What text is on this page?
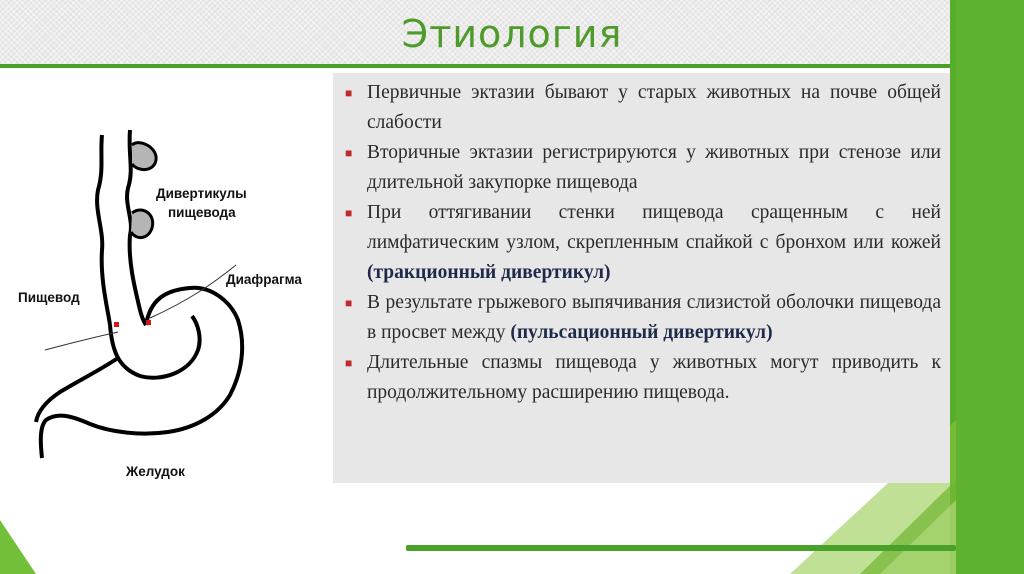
Этиология
■ Первичные эктазии бывают у старых животных на почве общей слабости
■ Вторичные эктазии регистрируются у животных при стенозе или длительной закупорке пищевода
■ При оттягивании стенки пищевода сращенным с ней лимфатическим узлом, скрепленным спайкой с бронхом или кожей (тракционный дивертикул)
■ В результате грыжевого выпячивания слизистой оболочки пищевода в просвет между (пульсационный дивертикул)
■ Длительные спазмы пищевода у животных могут приводить к продолжительному расширению пищевода.
Дивертикулы
пищевода
Пищевод
Диафрагма
Желудок
